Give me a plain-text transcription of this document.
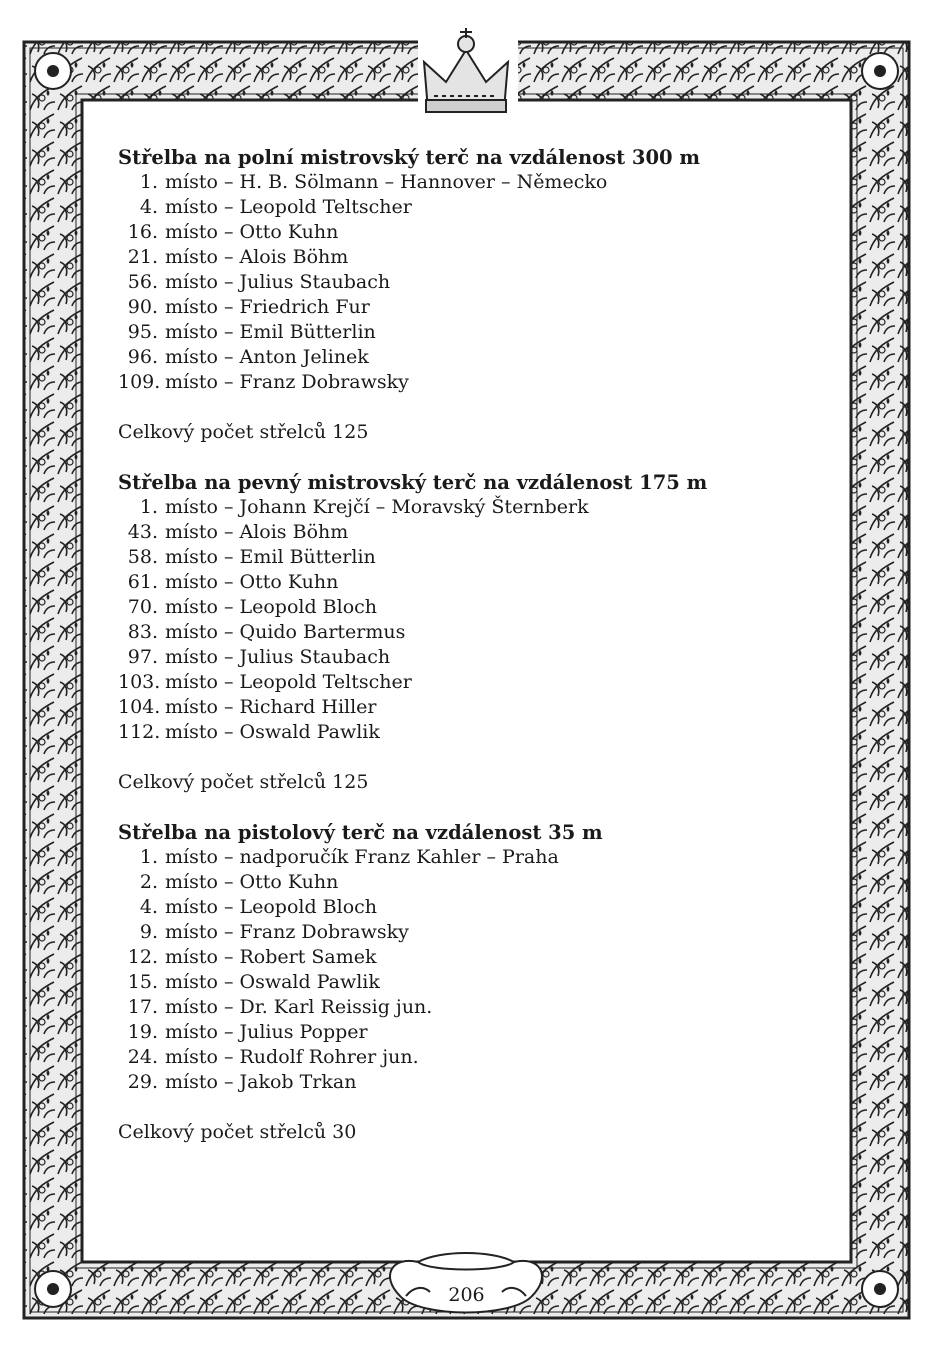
Střelba na polní mistrovský terč na vzdálenost 300 m
1. místo – H. B. Sölmann – Hannover – Německo
4. místo – Leopold Teltscher
16. místo – Otto Kuhn
21. místo – Alois Böhm
56. místo – Julius Staubach
90. místo – Friedrich Fur
95. místo – Emil Bütterlin
96. místo – Anton Jelinek
109. místo – Franz Dobrawsky
Celkový počet střelců 125
Střelba na pevný mistrovský terč na vzdálenost 175 m
1. místo – Johann Krejčí – Moravský Šternberk
43. místo – Alois Böhm
58. místo – Emil Bütterlin
61. místo – Otto Kuhn
70. místo – Leopold Bloch
83. místo – Quido Bartermus
97. místo – Julius Staubach
103. místo – Leopold Teltscher
104. místo – Richard Hiller
112. místo – Oswald Pawlik
Celkový počet střelců 125
Střelba na pistolový terč na vzdálenost 35 m
1. místo – nadporučík Franz Kahler – Praha
2. místo – Otto Kuhn
4. místo – Leopold Bloch
9. místo – Franz Dobrawsky
12. místo – Robert Samek
15. místo – Oswald Pawlik
17. místo – Dr. Karl Reissig jun.
19. místo – Julius Popper
24. místo – Rudolf Rohrer jun.
29. místo – Jakob Trkan
Celkový počet střelců 30
206
